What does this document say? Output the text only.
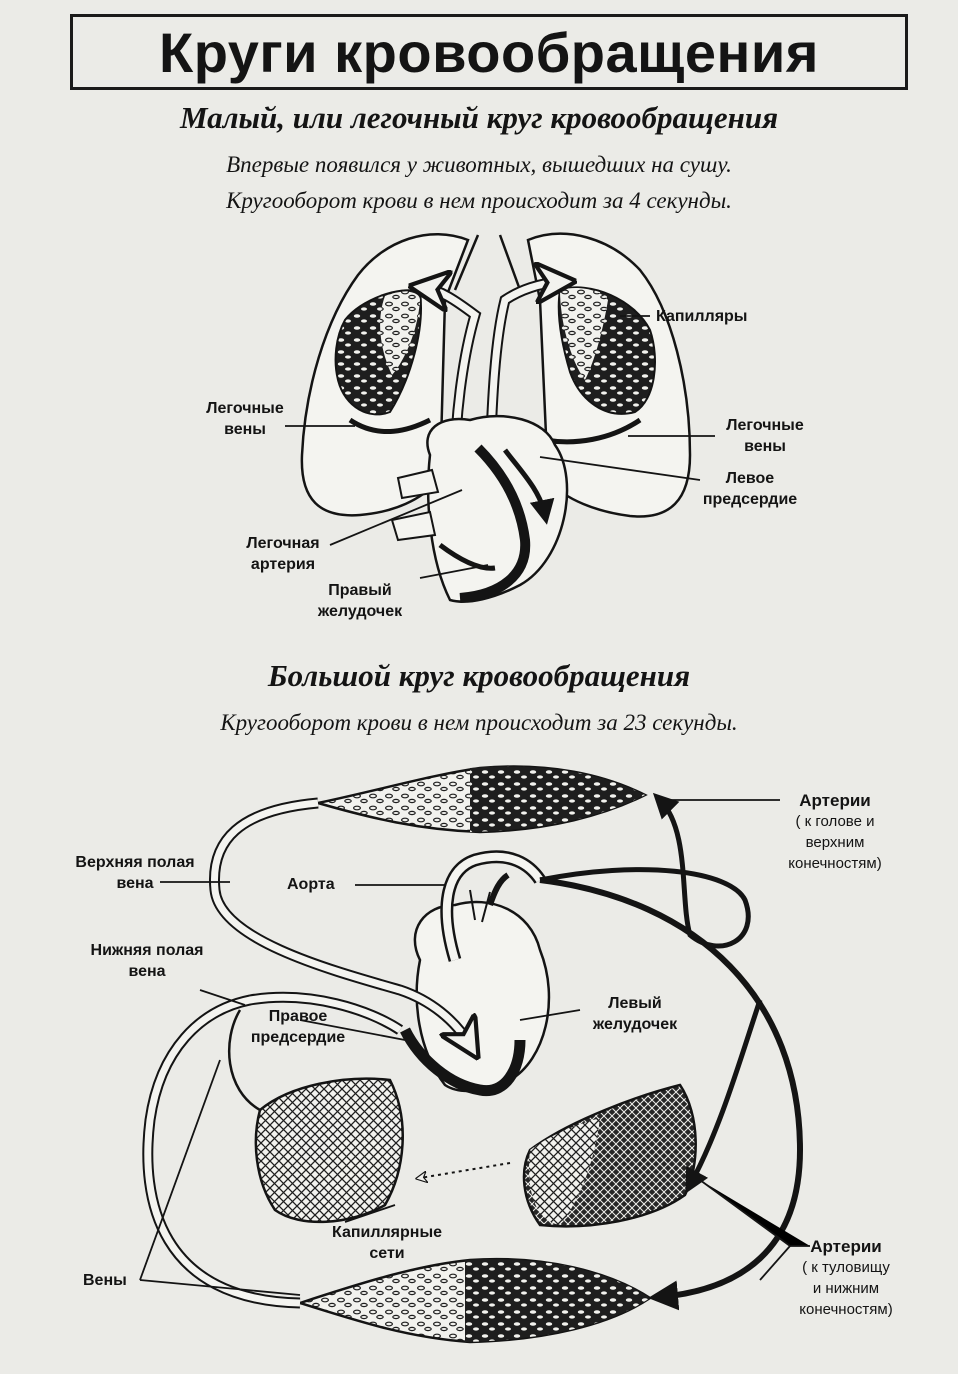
Круги кровообращения
Малый, или легочный круг кровообращения
Впервые появился у животных, вышедших на сушу.
Кругооборот крови в нем происходит за 4 секунды.
Большой круг кровообращения
Кругооборот крови в нем происходит за 23 секунды.
Капилляры
Легочные
вены	Легочные
вены
Левое
предсердие
Легочная
артерия
Правый
желудочек
Артерии
( к голове и
верхним
конечностям)
Верхняя полая
вена	Аорта
Нижняя полая
вена
Правое
предсердие
Левый
желудочек
Капиллярные
сети
Вены
Артерии
( к туловищу
и нижним
конечностям)
